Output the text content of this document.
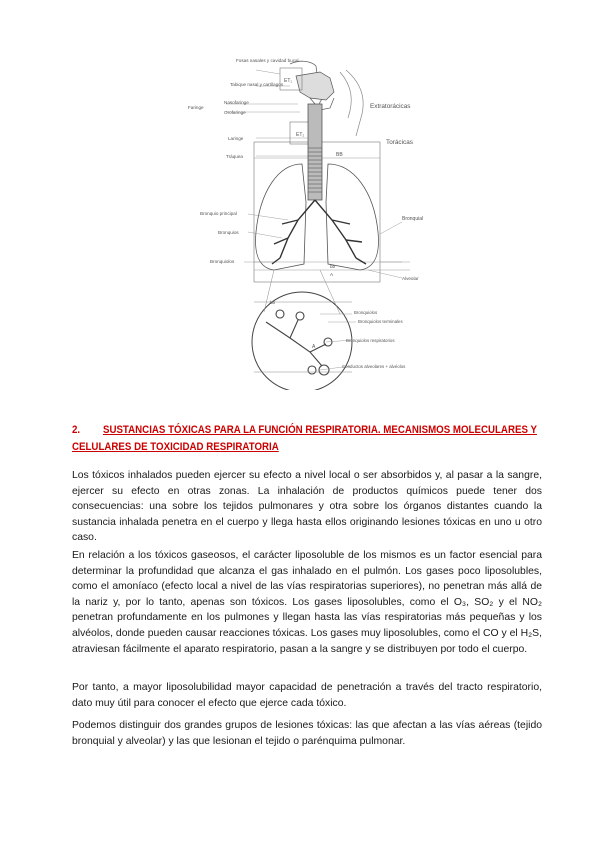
Fosas nasales y cavidad bucal
Tabique nasal y cartílagos
Faringe
Nasofaringe
Orofaringe
Laringe
Tráquea
Bronquio principal
Bronquios
Bronquiolos
Bronquial
Alveolar
Extratorácicas
Torácicas
Bronquiolos
Bronquiolos terminales
Bronquiolos respiratorios
Conductos alveolares + alvéolos
ET₁
ET₂
BB
bb
A
A
bb
2. SUSTANCIAS TÓXICAS PARA LA FUNCIÓN RESPIRATORIA. MECANISMOS MOLECULARES Y CELULARES DE TOXICIDAD RESPIRATORIA

Los tóxicos inhalados pueden ejercer su efecto a nivel local o ser absorbidos y, al pasar a la sangre, ejercer su efecto en otras zonas. La inhalación de productos químicos puede tener dos consecuencias: una sobre los tejidos pulmonares y otra sobre los órganos distantes cuando la sustancia inhalada penetra en el cuerpo y llega hasta ellos originando lesiones tóxicas en uno u otro caso.

En relación a los tóxicos gaseosos, el carácter liposoluble de los mismos es un factor esencial para determinar la profundidad que alcanza el gas inhalado en el pulmón. Los gases poco liposolubles, como el amoníaco (efecto local a nivel de las vías respiratorias superiores), no penetran más allá de la nariz y, por lo tanto, apenas son tóxicos. Los gases liposolubles, como el O₃, SO₂ y el NO₂ penetran profundamente en los pulmones y llegan hasta las vías respiratorias más pequeñas y los alvéolos, donde pueden causar reacciones tóxicas. Los gases muy liposolubles, como el CO y el H₂S, atraviesan fácilmente el aparato respiratorio, pasan a la sangre y se distribuyen por todo el cuerpo.

Por tanto, a mayor liposolubilidad mayor capacidad de penetración a través del tracto respiratorio, dato muy útil para conocer el efecto que ejerce cada tóxico.

Podemos distinguir dos grandes grupos de lesiones tóxicas: las que afectan a las vías aéreas (tejido bronquial y alveolar) y las que lesionan el tejido o parénquima pulmonar.
